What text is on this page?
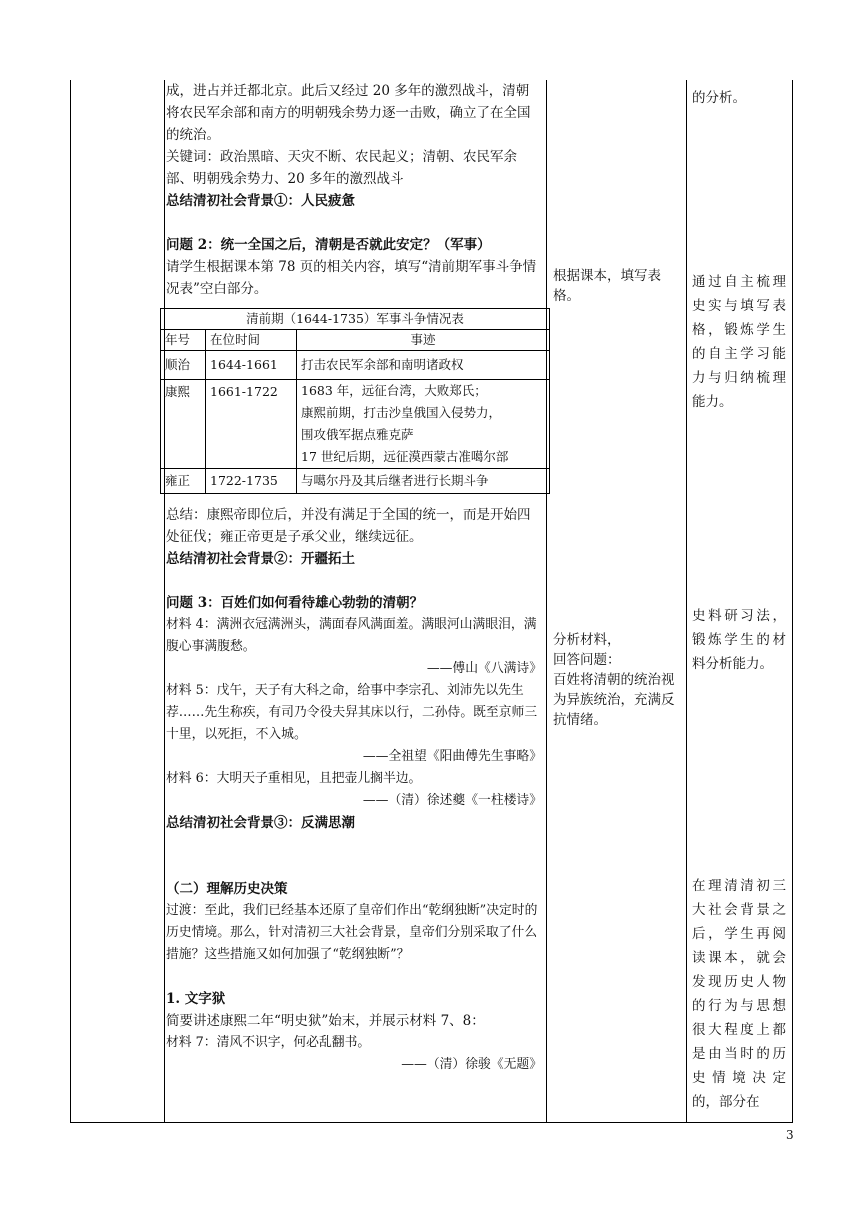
成，进占并迁都北京。此后又经过 20 多年的激烈战斗，清朝将农民军余部和南方的明朝残余势力逐一击败，确立了在全国的统治。

关键词：政治黑暗、天灾不断、农民起义；清朝、农民军余部、明朝残余势力、20 多年的激烈战斗

总结清初社会背景①：人民疲惫

问题 2：统一全国之后，清朝是否就此安定？（军事）

请学生根据课本第 78 页的相关内容，填写“清前期军事斗争情况表”空白部分。

总结：康熙帝即位后，并没有满足于全国的统一，而是开始四处征伐；雍正帝更是子承父业，继续远征。

总结清初社会背景②：开疆拓土

问题 3：百姓们如何看待雄心勃勃的清朝？

材料 4：满洲衣冠满洲头，满面春风满面羞。满眼河山满眼泪，满腹心事满腹愁。

——傅山《八满诗》

材料 5：戊午，天子有大科之命，给事中李宗孔、刘沛先以先生荐……先生称疾，有司乃令役夫舁其床以行，二孙侍。既至京师三十里，以死拒，不入城。

——全祖望《阳曲傅先生事略》

材料 6：大明天子重相见，且把壶儿搁半边。

——（清）徐述夔《一柱楼诗》

总结清初社会背景③：反满思潮

（二）理解历史决策

过渡：至此，我们已经基本还原了皇帝们作出“乾纲独断”决定时的历史情境。那么，针对清初三大社会背景，皇帝们分别采取了什么措施？这些措施又如何加强了“乾纲独断”？

1. 文字狱

简要讲述康熙二年“明史狱”始末，并展示材料 7、8：

材料 7：清风不识字，何必乱翻书。

——（清）徐骏《无题》

清前期（1644-1735）军事斗争情况表		
年号	在位时间	事迹
顺治	1644-1661	打击农民军余部和南明诸政权

康熙	1661-1722	1683 年，远征台湾，大败郑氏；
康熙前期，打击沙皇俄国入侵势力，
围攻俄军据点雅克萨
17 世纪后期，远征漠西蒙古准噶尔部

雍正	1722-1735	与噶尔丹及其后继者进行长期斗争

根据课本，填写表格。

分析材料，

回答问题：

百姓将清朝的统治视为异族统治，充满反抗情绪。

的分析。

通过自主梳理史实与填写表格，锻炼学生的自主学习能力与归纳梳理能力。

史料研习法，锻炼学生的材料分析能力。

在理清清初三大社会背景之后，学生再阅读课本，就会发现历史人物的行为与思想很大程度上都是由当时的历史情境决定的，部分在

3
